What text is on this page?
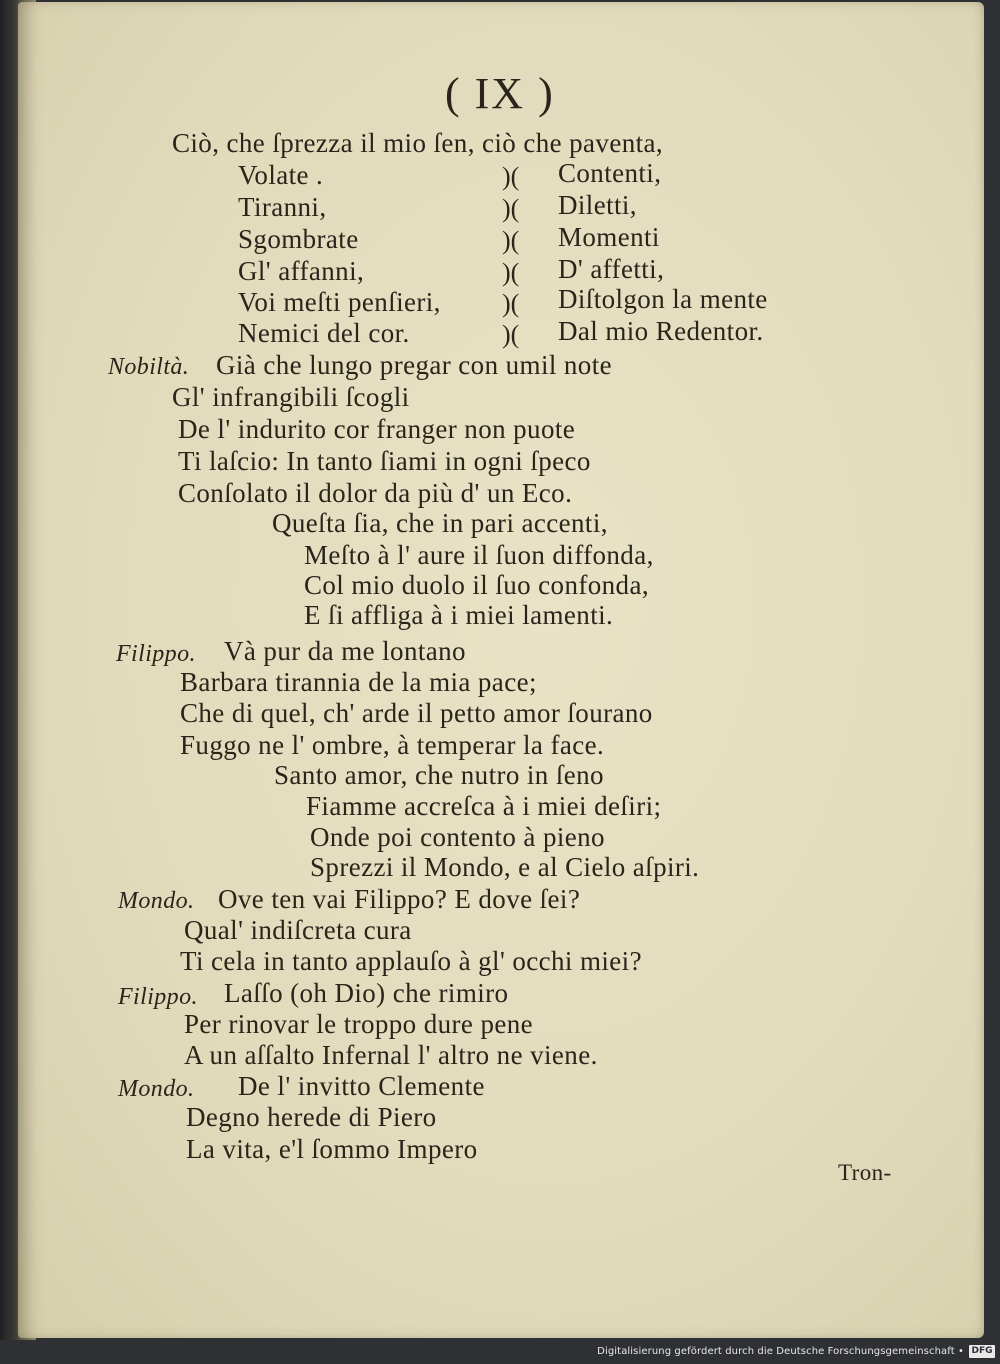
( IX )
Ciò, che ſprezza il mio ſen, ciò che paventa,
Volate .
Tiranni,
Sgombrate
Gl' affanni,
Voi meſti penſieri,
Nemici del cor.
)(
)(
)(
)(
)(
)(
Contenti,
Diletti,
Momenti
D' affetti,
Diſtolgon la mente
Dal mio Redentor.
Nobiltà. Già che lungo pregar con umil note
Gl' infrangibili ſcogli
De l' indurito cor franger non puote
Ti laſcio: In tanto ſiami in ogni ſpeco
Conſolato il dolor da più d' un Eco.
Queſta ſia, che in pari accenti,
Meſto à l' aure il ſuon diffonda,
Col mio duolo il ſuo confonda,
E ſi affliga à i miei lamenti.
Filippo. Và pur da me lontano
Barbara tirannia de la mia pace;
Che di quel, ch' arde il petto amor ſourano
Fuggo ne l' ombre, à temperar la face.
Santo amor, che nutro in ſeno
Fiamme accreſca à i miei deſiri;
Onde poi contento à pieno
Sprezzi il Mondo, e al Cielo aſpiri.
Mondo. Ove ten vai Filippo? E dove ſei?
Qual' indiſcreta cura
Ti cela in tanto applauſo à gl' occhi miei?
Filippo. Laſſo (oh Dio) che rimiro
Per rinovar le troppo dure pene
A un aſſalto Infernal l' altro ne viene.
Mondo. De l' invitto Clemente
Degno herede di Piero
La vita, e'l ſommo Impero
Tron-
Digitalisierung gefördert durch die Deutsche Forschungsgemeinschaft • DFG
